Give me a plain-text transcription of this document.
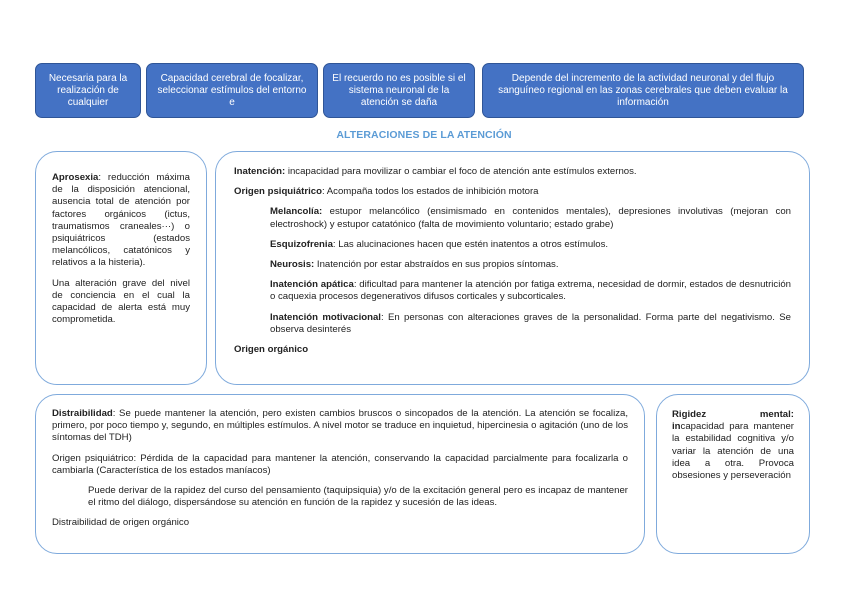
Necesaria para la realización de cualquier
Capacidad cerebral de focalizar, seleccionar estímulos del entorno e
El recuerdo no es posible si el sistema neuronal de la atención se daña
Depende del incremento de la actividad neuronal y del flujo sanguíneo regional en las zonas cerebrales que deben evaluar la información
ALTERACIONES DE LA ATENCIÓN

Aprosexia: reducción máxima de la disposición atencional, ausencia total de atención por factores orgánicos (ictus, traumatismos craneales···) o psiquiátricos (estados melancólicos, catatónicos y relativos a la histeria).

Una alteración grave del nivel de conciencia en el cual la capacidad de alerta está muy comprometida.

Inatención: incapacidad para movilizar o cambiar el foco de atención ante estímulos externos.

Origen psiquiátrico: Acompaña todos los estados de inhibición motora

Melancolía: estupor melancólico (ensimismado en contenidos mentales), depresiones involutivas (mejoran con electroshock) y estupor catatónico (falta de movimiento voluntario; estado grabe)

Esquizofrenia: Las alucinaciones hacen que estén inatentos a otros estímulos.

Neurosis: Inatención por estar abstraídos en sus propios síntomas.

Inatención apática: dificultad para mantener la atención por fatiga extrema, necesidad de dormir, estados de desnutrición o caquexia procesos degenerativos difusos corticales y subcorticales.

Inatención motivacional: En personas con alteraciones graves de la personalidad. Forma parte del negativismo. Se observa desinterés

Origen orgánico

Distraibilidad: Se puede mantener la atención, pero existen cambios bruscos o sincopados de la atención. La atención se focaliza, primero, por poco tiempo y, segundo, en múltiples estímulos. A nivel motor se traduce en inquietud, hipercinesia o agitación (uno de los síntomas del TDH)

Origen psiquiátrico: Pérdida de la capacidad para mantener la atención, conservando la capacidad parcialmente para focalizarla o cambiarla (Característica de los estados maníacos)

Puede derivar de la rapidez del curso del pensamiento (taquipsiquia) y/o de la excitación general pero es incapaz de mantener el ritmo del diálogo, dispersándose su atención en función de la rapidez y sucesión de las ideas.

Distraibilidad de origen orgánico

Rigidez mental: incapacidad para mantener la estabilidad cognitiva y/o variar la atención de una idea a otra. Provoca obsesiones y perseveración
